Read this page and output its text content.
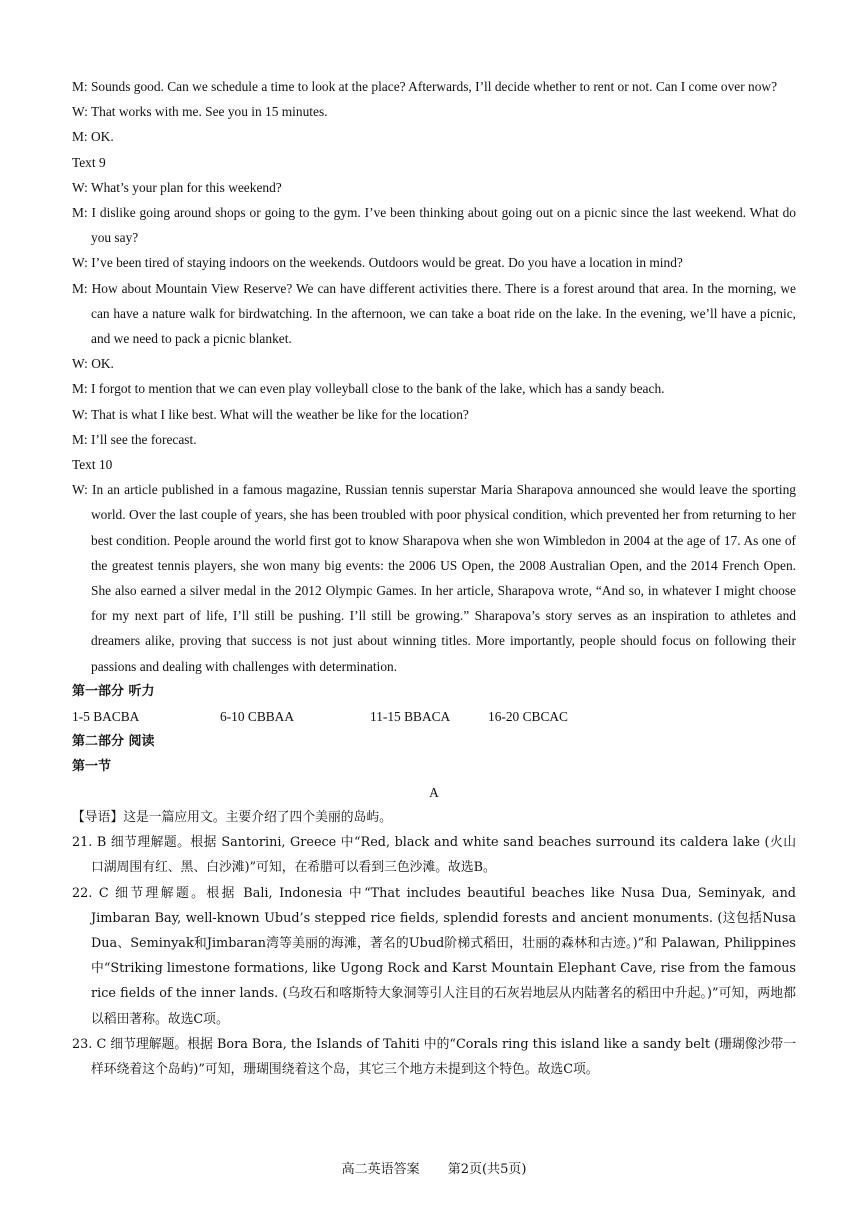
M: Sounds good. Can we schedule a time to look at the place? Afterwards, I’ll decide whether to rent or not. Can I come over now?

W: That works with me. See you in 15 minutes.

M: OK.

Text 9

W: What’s your plan for this weekend?

M: I dislike going around shops or going to the gym. I’ve been thinking about going out on a picnic since the last weekend. What do you say?

W: I’ve been tired of staying indoors on the weekends. Outdoors would be great. Do you have a location in mind?

M: How about Mountain View Reserve? We can have different activities there. There is a forest around that area. In the morning, we can have a nature walk for birdwatching. In the afternoon, we can take a boat ride on the lake. In the evening, we’ll have a picnic, and we need to pack a picnic blanket.

W: OK.

M: I forgot to mention that we can even play volleyball close to the bank of the lake, which has a sandy beach.

W: That is what I like best. What will the weather be like for the location?

M: I’ll see the forecast.

Text 10

W: In an article published in a famous magazine, Russian tennis superstar Maria Sharapova announced she would leave the sporting world. Over the last couple of years, she has been troubled with poor physical condition, which prevented her from returning to her best condition. People around the world first got to know Sharapova when she won Wimbledon in 2004 at the age of 17. As one of the greatest tennis players, she won many big events: the 2006 US Open, the 2008 Australian Open, and the 2014 French Open. She also earned a silver medal in the 2012 Olympic Games. In her article, Sharapova wrote, “And so, in whatever I might choose for my next part of life, I’ll still be pushing. I’ll still be growing.” Sharapova’s story serves as an inspiration to athletes and dreamers alike, proving that success is not just about winning titles. More importantly, people should focus on following their passions and dealing with challenges with determination.

第一部分 听力

1-5 BACBA	6-10 CBBAA	11-15 BBACA	16-20 CBCAC

第二部分 阅读

第一节

A

【导语】这是一篇应用文。主要介绍了四个美丽的岛屿。

21. B 细节理解题。根据 Santorini, Greece 中“Red, black and white sand beaches surround its caldera lake (火山口湖周围有红、黑、白沙滩)”可知，在希腊可以看到三色沙滩。故选B。

22. C 细节理解题。根据 Bali, Indonesia 中“That includes beautiful beaches like Nusa Dua, Seminyak, and Jimbaran Bay, well-known Ubud’s stepped rice fields, splendid forests and ancient monuments. (这包括Nusa Dua、Seminyak和Jimbaran湾等美丽的海滩，著名的Ubud阶梯式稻田，壮丽的森林和古迹。)”和 Palawan, Philippines 中“Striking limestone formations, like Ugong Rock and Karst Mountain Elephant Cave, rise from the famous rice fields of the inner lands. (乌玫石和喀斯特大象洞等引人注目的石灰岩地层从内陆著名的稻田中升起。)”可知，两地都以稻田著称。故选C项。

23. C 细节理解题。根据 Bora Bora, the Islands of Tahiti 中的“Corals ring this island like a sandy belt (珊瑚像沙带一样环绕着这个岛屿)”可知，珊瑚围绕着这个岛，其它三个地方未提到这个特色。故选C项。

高二英语答案 第2页(共5页)
